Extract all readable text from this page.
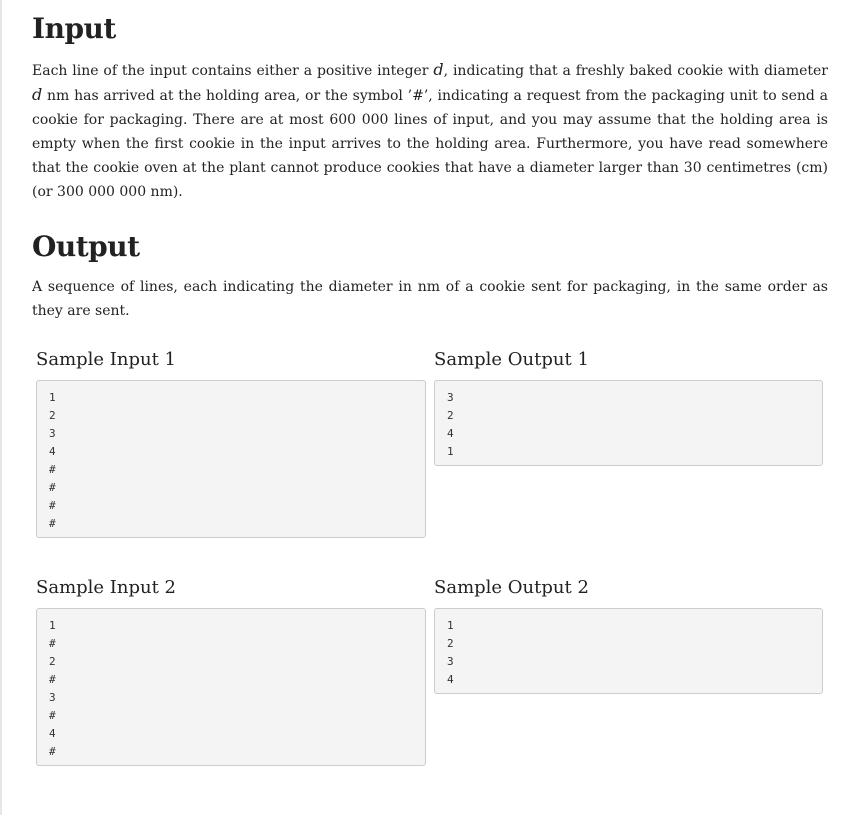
Input

Each line of the input contains either a positive integer d, indicating that a freshly baked cookie with diameter d nm has arrived at the holding area, or the symbol ’#’, indicating a request from the packaging unit to send a cookie for packaging. There are at most 600 000 lines of input, and you may assume that the holding area is empty when the first cookie in the input arrives to the holding area. Furthermore, you have read somewhere that the cookie oven at the plant cannot produce cookies that have a diameter larger than 30 centimetres (cm) (or 300 000 000 nm).

Output

A sequence of lines, each indicating the diameter in nm of a cookie sent for packaging, in the same order as they are sent.

Sample Input 1
1
2
3
4
#
#
#
#
Sample Output 1
3
2
4
1
Sample Input 2
1
#
2
#
3
#
4
#
Sample Output 2
1
2
3
4
